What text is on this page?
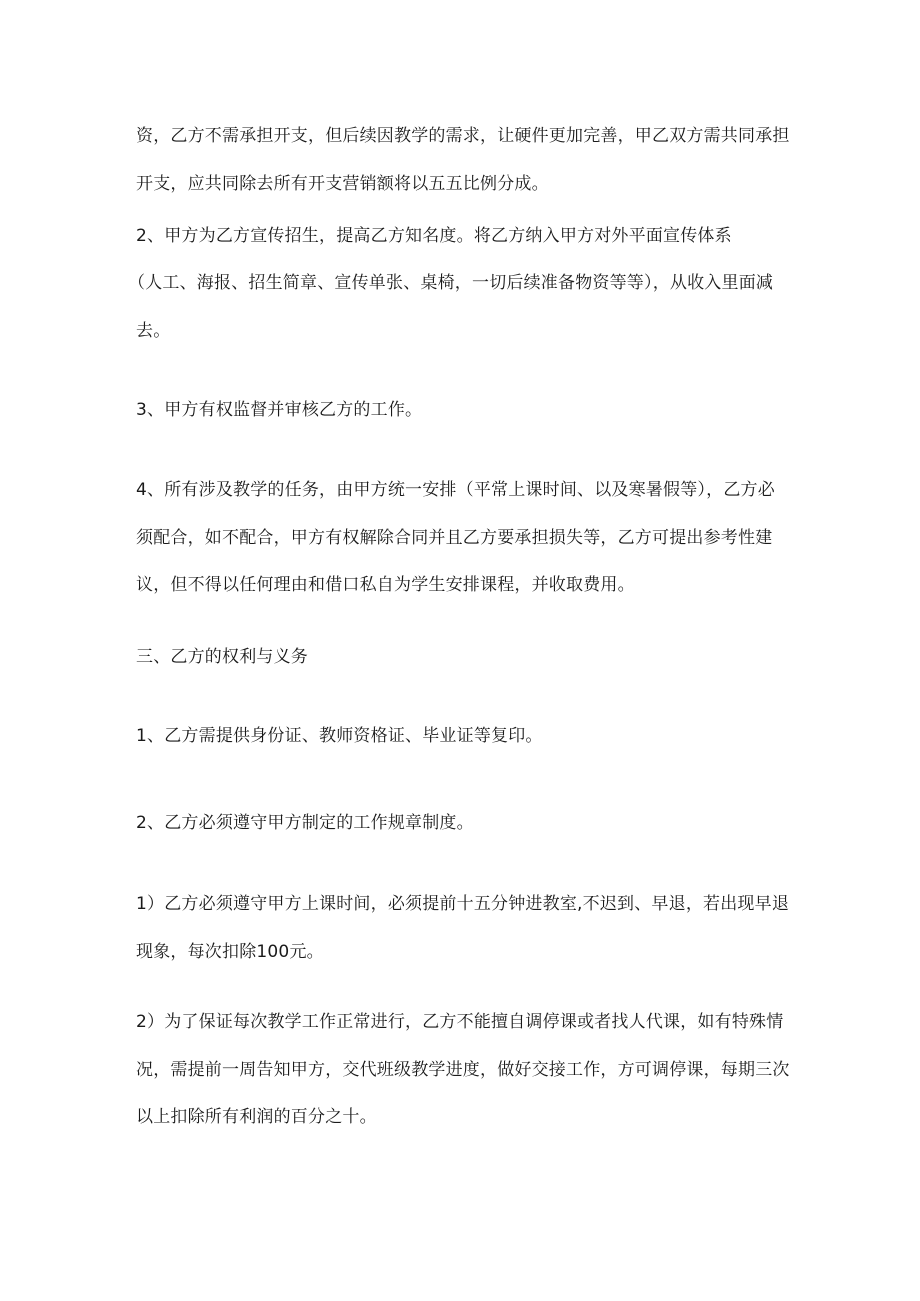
资，乙方不需承担开支，但后续因教学的需求，让硬件更加完善，甲乙双方需共同承担
开支，应共同除去所有开支营销额将以五五比例分成。
2、甲方为乙方宣传招生，提高乙方知名度。将乙方纳入甲方对外平面宣传体系
（人工、海报、招生简章、宣传单张、桌椅，一切后续准备物资等等），从收入里面减
去。
3、甲方有权监督并审核乙方的工作。
4、所有涉及教学的任务，由甲方统一安排（平常上课时间、以及寒暑假等），乙方必
须配合，如不配合，甲方有权解除合同并且乙方要承担损失等，乙方可提出参考性建
议，但不得以任何理由和借口私自为学生安排课程，并收取费用。
三、乙方的权利与义务
1、乙方需提供身份证、教师资格证、毕业证等复印。
2、乙方必须遵守甲方制定的工作规章制度。
1）乙方必须遵守甲方上课时间，必须提前十五分钟进教室,不迟到、早退，若出现早退
现象，每次扣除100元。
2）为了保证每次教学工作正常进行，乙方不能擅自调停课或者找人代课，如有特殊情
况，需提前一周告知甲方，交代班级教学进度，做好交接工作，方可调停课，每期三次
以上扣除所有利润的百分之十。
